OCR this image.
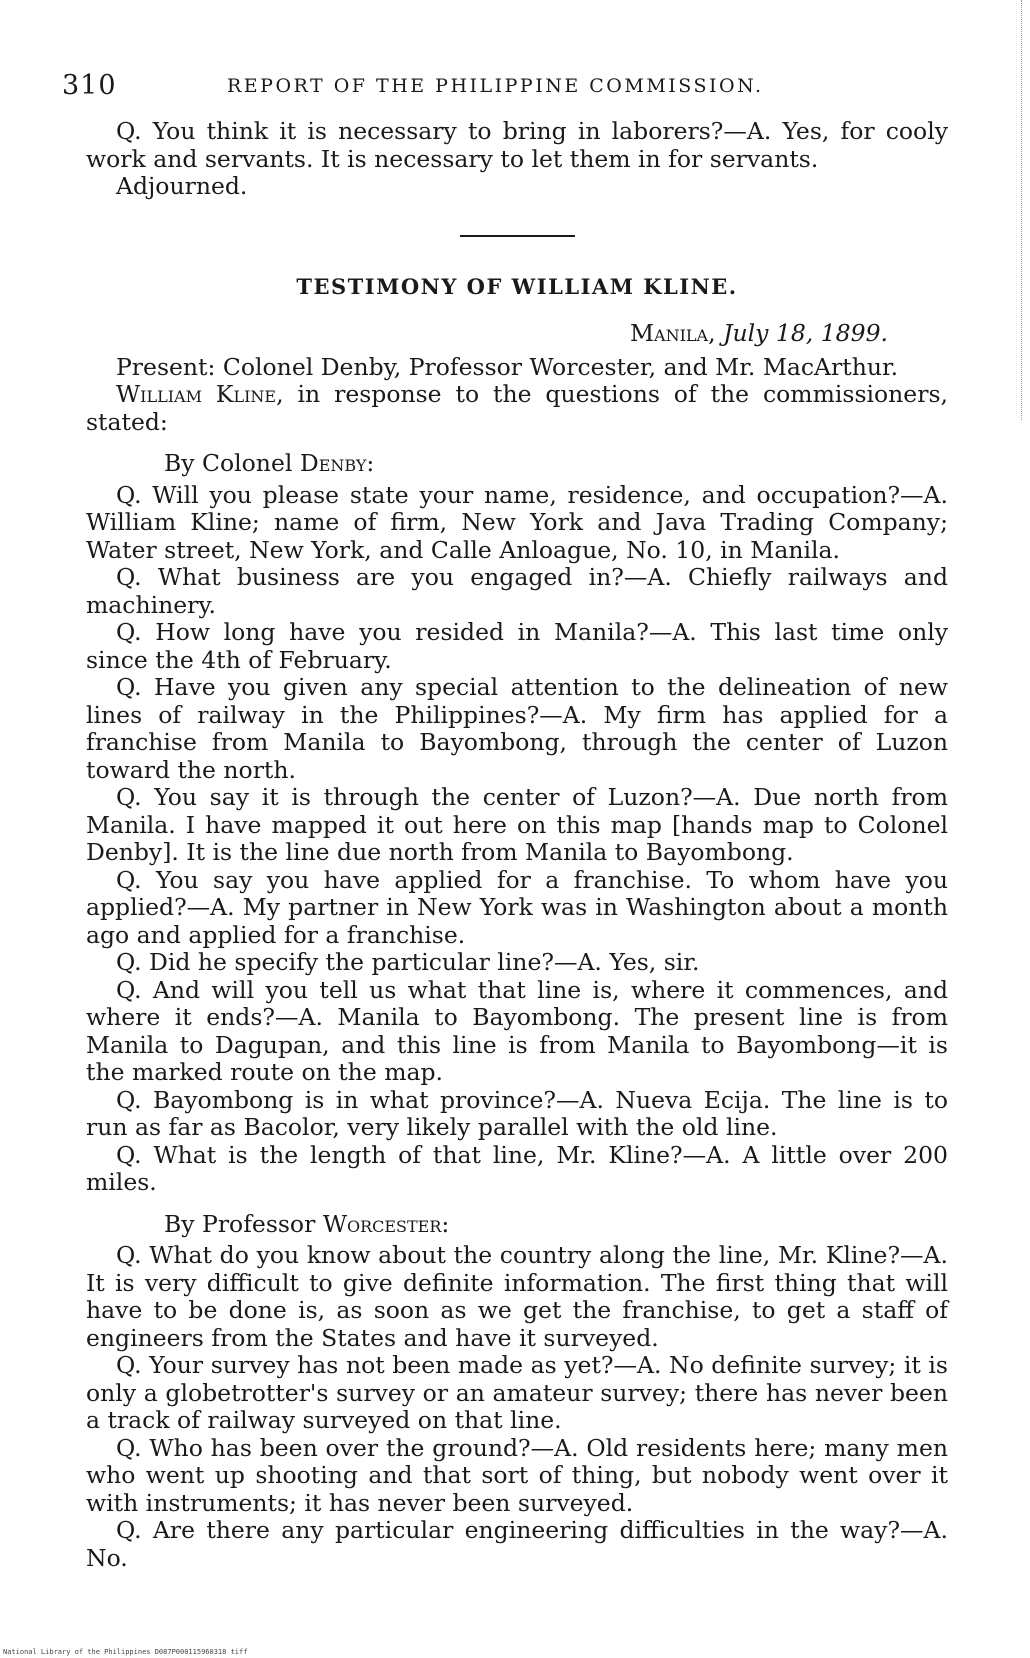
310	REPORT OF THE PHILIPPINE COMMISSION.

Q. You think it is necessary to bring in laborers?—A. Yes, for cooly work and servants. It is necessary to let them in for servants.

Adjourned.

TESTIMONY OF WILLIAM KLINE.

Manila, July 18, 1899.

Present: Colonel Denby, Professor Worcester, and Mr. MacArthur.

William Kline, in response to the questions of the commissioners, stated:

By Colonel Denby:

Q. Will you please state your name, residence, and occupation?—A. William Kline; name of firm, New York and Java Trading Company; Water street, New York, and Calle Anloague, No. 10, in Manila.

Q. What business are you engaged in?—A. Chiefly railways and machinery.

Q. How long have you resided in Manila?—A. This last time only since the 4th of February.

Q. Have you given any special attention to the delineation of new lines of railway in the Philippines?—A. My firm has applied for a franchise from Manila to Bayombong, through the center of Luzon toward the north.

Q. You say it is through the center of Luzon?—A. Due north from Manila. I have mapped it out here on this map [hands map to Colonel Denby]. It is the line due north from Manila to Bayombong.

Q. You say you have applied for a franchise. To whom have you applied?—A. My partner in New York was in Washington about a month ago and applied for a franchise.

Q. Did he specify the particular line?—A. Yes, sir.

Q. And will you tell us what that line is, where it commences, and where it ends?—A. Manila to Bayombong. The present line is from Manila to Dagupan, and this line is from Manila to Bayombong—it is the marked route on the map.

Q. Bayombong is in what province?—A. Nueva Ecija. The line is to run as far as Bacolor, very likely parallel with the old line.

Q. What is the length of that line, Mr. Kline?—A. A little over 200 miles.

By Professor Worcester:

Q. What do you know about the country along the line, Mr. Kline?—A. It is very difficult to give definite information. The first thing that will have to be done is, as soon as we get the franchise, to get a staff of engineers from the States and have it surveyed.

Q. Your survey has not been made as yet?—A. No definite survey; it is only a globetrotter's survey or an amateur survey; there has never been a track of railway surveyed on that line.

Q. Who has been over the ground?—A. Old residents here; many men who went up shooting and that sort of thing, but nobody went over it with instruments; it has never been surveyed.

Q. Are there any particular engineering difficulties in the way?—A. No.

National Library of the Philippines D087P000115960318 tiff
